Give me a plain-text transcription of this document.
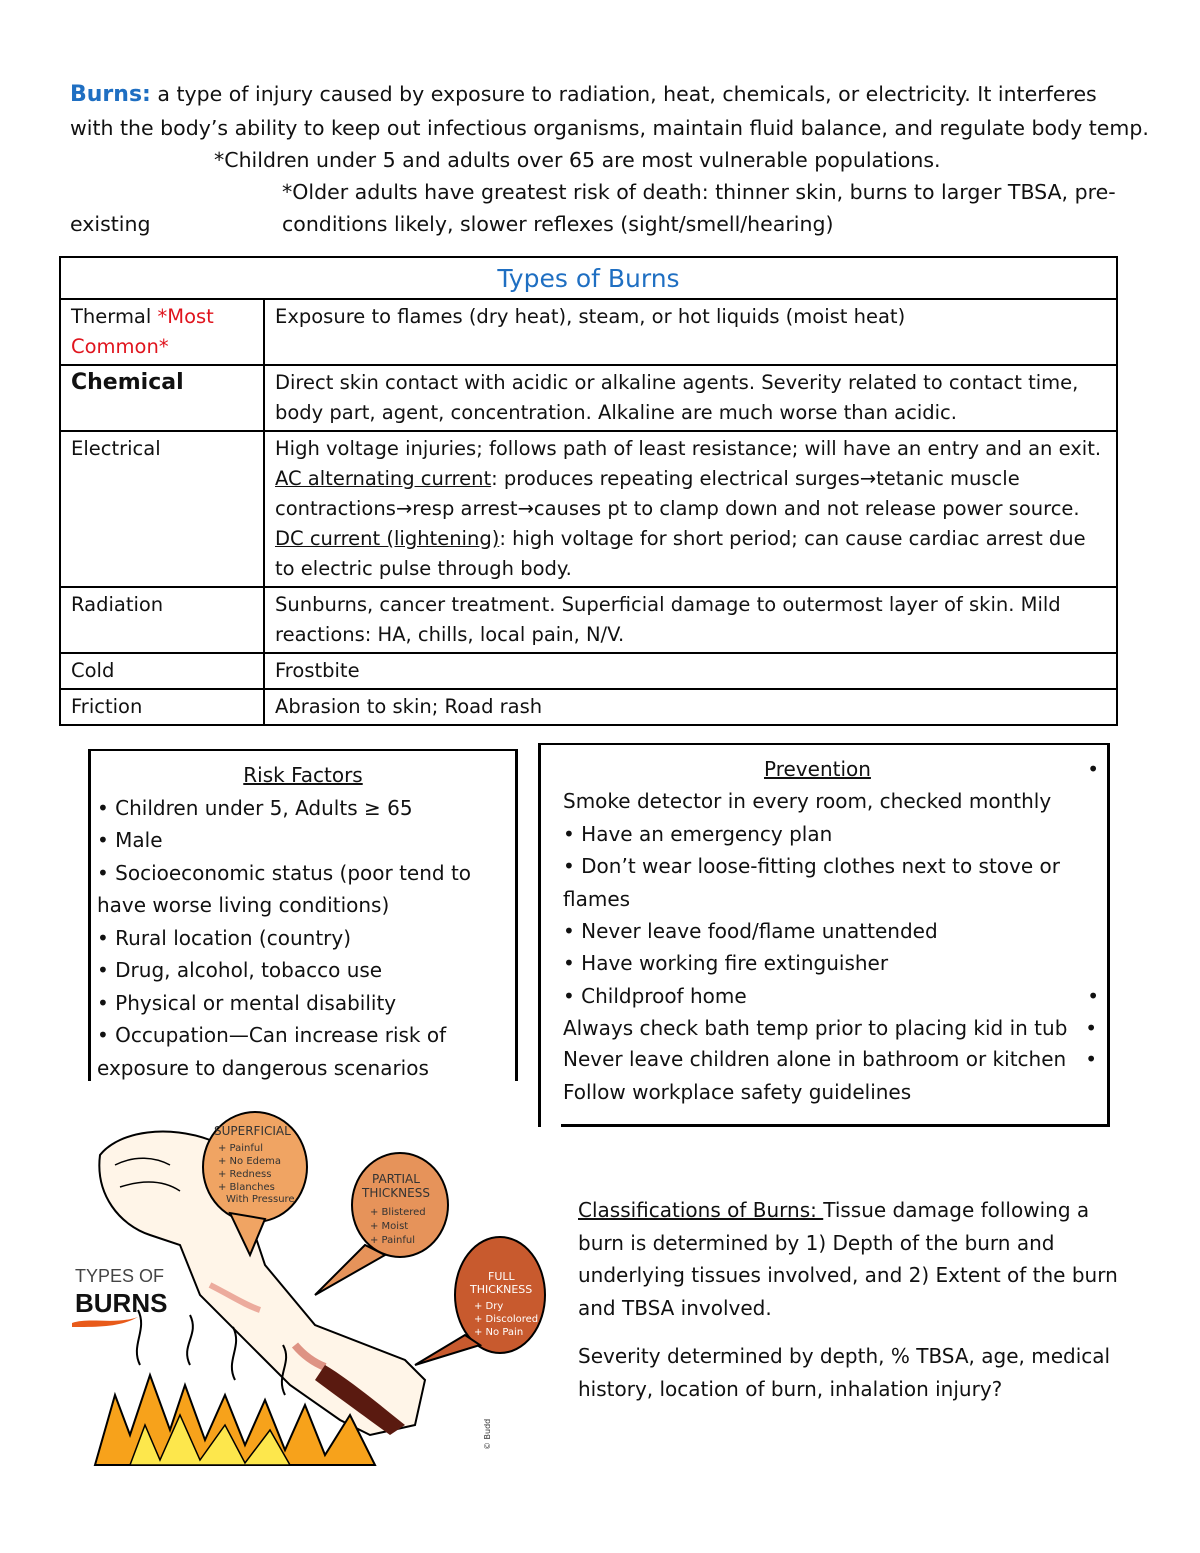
Burns: a type of injury caused by exposure to radiation, heat, chemicals, or electricity. It interferes
with the body’s ability to keep out infectious organisms, maintain fluid balance, and regulate body temp.
*Children under 5 and adults over 65 are most vulnerable populations.
*Older adults have greatest risk of death: thinner skin, burns to larger TBSA, pre-
existing	conditions likely, slower reflexes (sight/smell/hearing)
Types of Burns	
Thermal *Most Common*	Exposure to flames (dry heat), steam, or hot liquids (moist heat)
Chemical	Direct skin contact with acidic or alkaline agents. Severity related to contact time, body part, agent, concentration. Alkaline are much worse than acidic.
Electrical	High voltage injuries; follows path of least resistance; will have an entry and an exit.
AC alternating current: produces repeating electrical surges→tetanic muscle contractions→resp arrest→causes pt to clamp down and not release power source.
DC current (lightening): high voltage for short period; can cause cardiac arrest due to electric pulse through body.

Radiation	Sunburns, cancer treatment. Superficial damage to outermost layer of skin. Mild reactions: HA, chills, local pain, N/V.
Cold	Frostbite
Friction	Abrasion to skin; Road rash
Risk Factors
• Children under 5, Adults ≥ 65
• Male
• Socioeconomic status (poor tend to have worse living conditions)
• Rural location (country)
• Drug, alcohol, tobacco use
• Physical or mental disability
• Occupation—Can increase risk of exposure to dangerous scenarios
Prevention	•
Smoke detector in every room, checked monthly
• Have an emergency plan
• Don’t wear loose-fitting clothes next to stove or flames
• Never leave food/flame unattended
• Have working fire extinguisher
• Childproof home	•
Always check bath temp prior to placing kid in tub •
Never leave children alone in bathroom or kitchen •
Follow workplace safety guidelines
Classifications of Burns: Tissue damage following a burn is determined by 1) Depth of the burn and underlying tissues involved, and 2) Extent of the burn and TBSA involved.
Severity determined by depth, % TBSA, age, medical history, location of burn, inhalation injury?
SUPERFICIAL
+ Painful
+ No Edema
+ Redness
+ Blanches
With Pressure
PARTIAL
THICKNESS
+ Blistered
+ Moist
+ Painful
FULL
THICKNESS
+ Dry
+ Discolored
+ No Pain
TYPES OF
BURNS
© Budd
